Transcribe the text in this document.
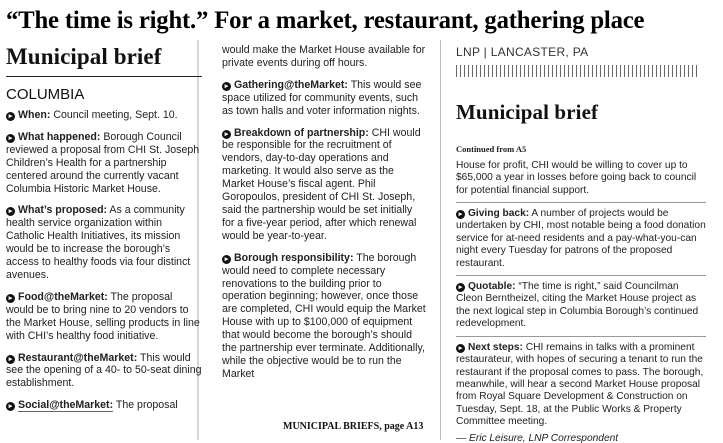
“The time is right.” For a market, restaurant, gathering place
Municipal brief
COLUMBIA

▸ When: Council meeting, Sept. 10.

▸ What happened: Borough Council reviewed a proposal from CHI St. Joseph Children’s Health for a partnership centered around the currently vacant Columbia Historic Market House.

▸ What’s proposed: As a community health service organization within Catholic Health Initiatives, its mission would be to increase the borough’s access to healthy foods via four distinct avenues.

▸ Food@theMarket: The proposal would be to bring nine to 20 vendors to the Market House, selling products in line with CHI’s healthy food initiative.

▸ Restaurant@theMarket: This would see the opening of a 40- to 50-seat dining establishment.

▸ Social@theMarket: The proposal

would make the Market House available for private events during off hours.

▸ Gathering@theMarket: This would see space utilized for community events, such as town halls and voter information nights.

▸ Breakdown of partnership: CHI would be responsible for the recruitment of vendors, day-to-day operations and marketing. It would also serve as the Market House’s fiscal agent. Phil Goropoulos, president of CHI St. Joseph, said the partnership would be set initially for a five-year period, after which renewal would be year-to-year.

▸ Borough responsibility: The borough would need to complete necessary renovations to the building prior to operation beginning; however, once those are completed, CHI would equip the Market House with up to $100,000 of equipment that would become the borough’s should the partnership ever terminate. Additionally, while the objective would be to run the Market

MUNICIPAL BRIEFS, page A13
LNP | LANCASTER, PA
Municipal brief
Continued from A5

House for profit, CHI would be willing to cover up to $65,000 a year in losses before going back to council for potential financial support.

▸ Giving back: A number of projects would be undertaken by CHI, most notable being a food donation service for at-need residents and a pay-what-you-can night every Tuesday for patrons of the proposed restaurant.

▸ Quotable: “The time is right,” said Councilman Cleon Berntheizel, citing the Market House project as the next logical step in Columbia Borough’s continued redevelopment.

▸ Next steps: CHI remains in talks with a prominent restaurateur, with hopes of securing a tenant to run the restaurant if the proposal comes to pass. The borough, meanwhile, will hear a second Market House proposal from Royal Square Development & Construction on Tuesday, Sept. 18, at the Public Works & Property Committee meeting.

— Eric Leisure, LNP Correspondent
